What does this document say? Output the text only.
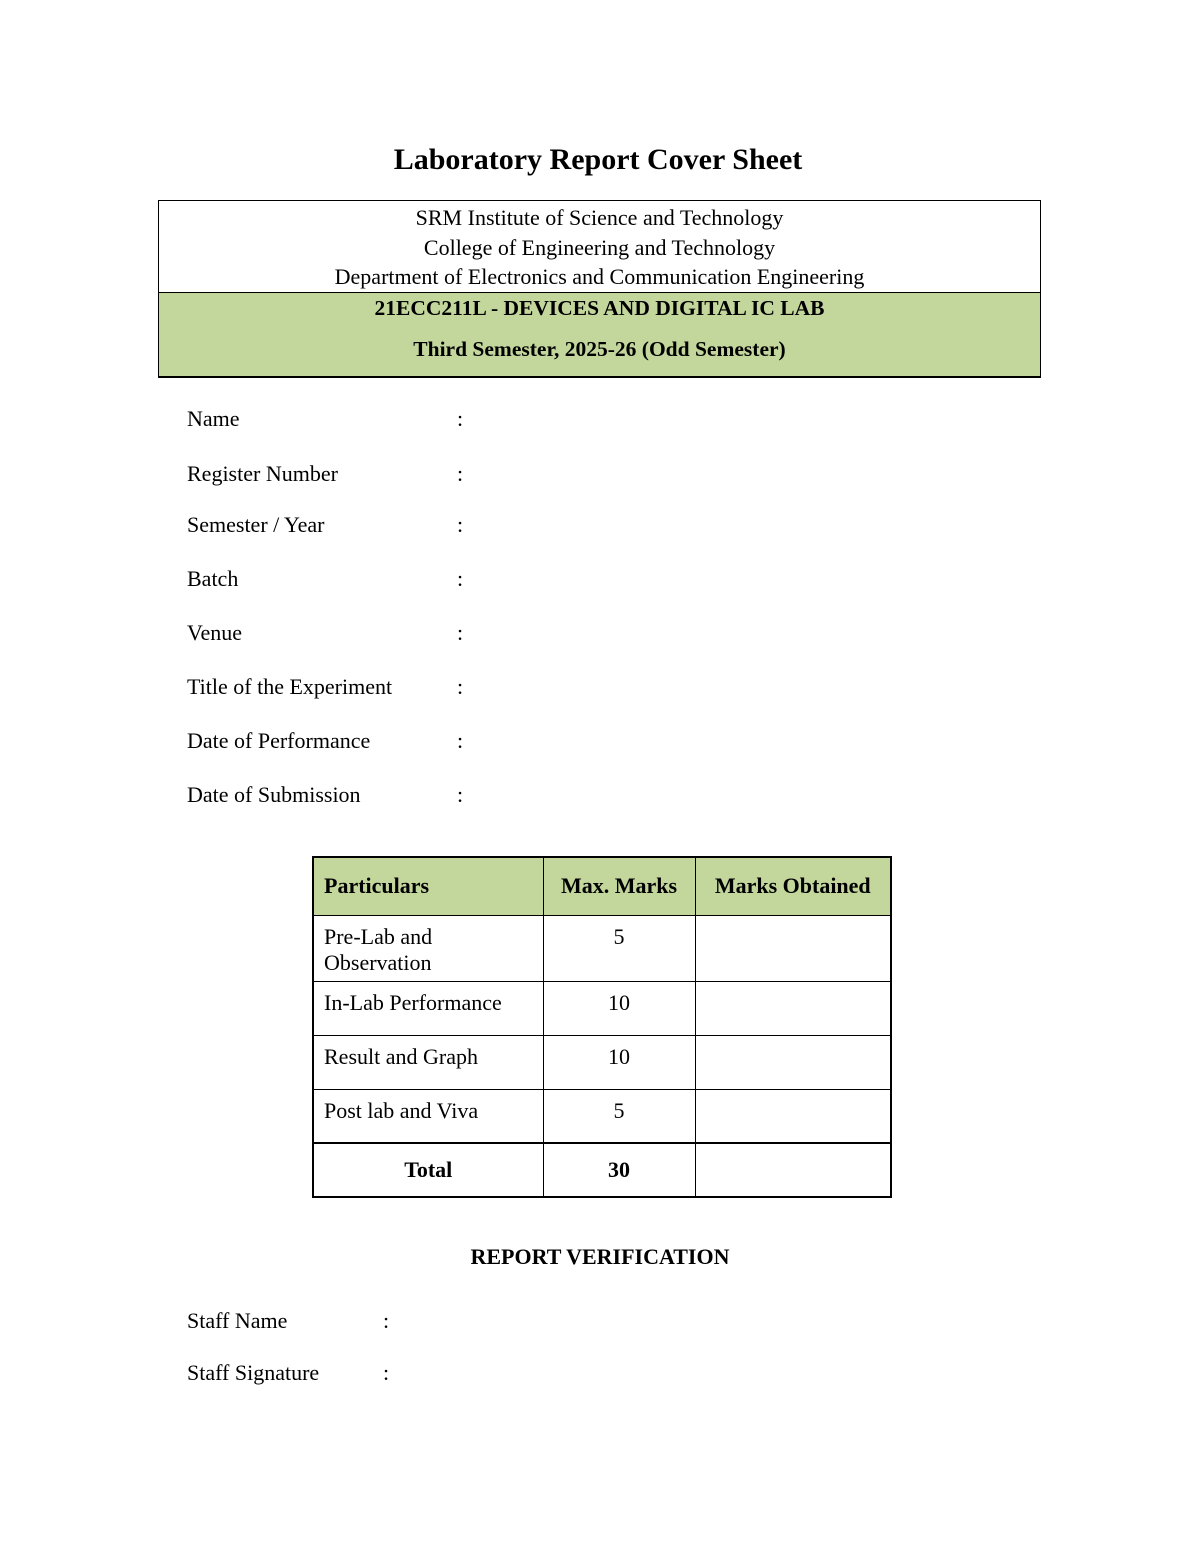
Laboratory Report Cover Sheet
SRM Institute of Science and Technology
College of Engineering and Technology
Department of Electronics and Communication Engineering
21ECC211L - DEVICES AND DIGITAL IC LAB
Third Semester, 2025-26 (Odd Semester)
Name	:
Register Number	:
Semester / Year	:
Batch	:
Venue	:
Title of the Experiment	:
Date of Performance	:
Date of Submission	:
Particulars	Max. Marks	Marks Obtained
Pre-Lab and Observation	5	
In-Lab Performance	10	
Result and Graph	10	
Post lab and Viva	5	
Total	30	
REPORT VERIFICATION
Staff Name	:
Staff Signature	:
